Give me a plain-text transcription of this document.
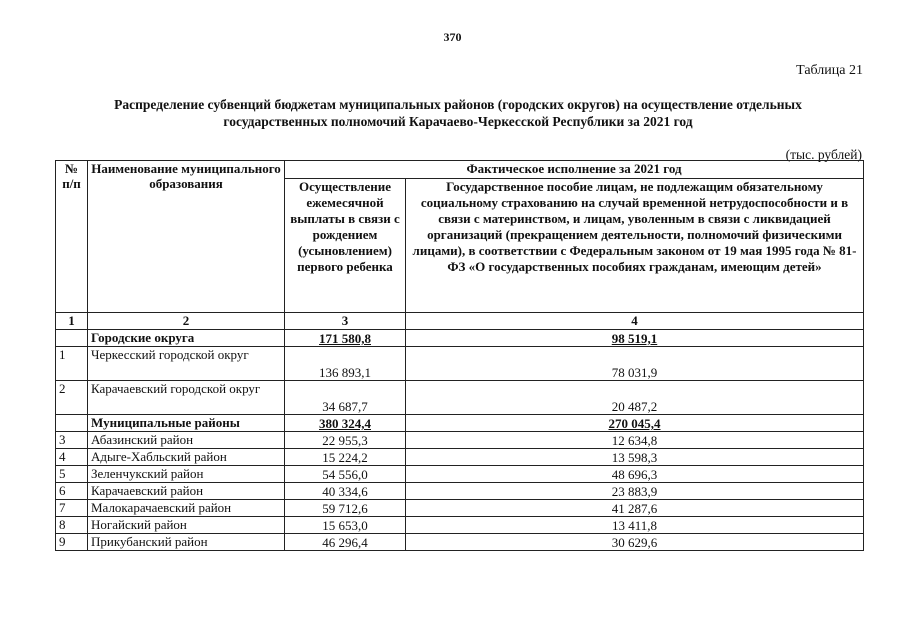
370
Таблица 21
Распределение субвенций бюджетам муниципальных районов (городских округов) на осуществление отдельных
государственных полномочий Карачаево-Черкесской Республики за 2021 год
(тыс. рублей)
№ п/п	Наименование муниципального образования	Фактическое исполнение за 2021 год	
		Осуществление ежемесячной выплаты в связи с рождением (усыновлением) первого ребенка	Государственное пособие лицам, не подлежащим обязательному социальному страхованию на случай временной нетрудоспособности и в связи с материнством, и лицам, уволенным в связи с ликвидацией организаций (прекращением деятельности, полномочий физическими лицами), в соответствии с Федеральным законом от 19 мая 1995 года № 81-ФЗ «О государственных пособиях гражданам, имеющим детей»
1	2	3	4
	Городские округа	171 580,8	98 519,1
1	Черкесский городской округ	136 893,1	78 031,9
2	Карачаевский городской округ	34 687,7	20 487,2
	Муниципальные районы	380 324,4	270 045,4
3	Абазинский район	22 955,3	12 634,8
4	Адыге-Хабльский район	15 224,2	13 598,3
5	Зеленчукский район	54 556,0	48 696,3
6	Карачаевский район	40 334,6	23 883,9
7	Малокарачаевский район	59 712,6	41 287,6
8	Ногайский район	15 653,0	13 411,8
9	Прикубанский район	46 296,4	30 629,6
